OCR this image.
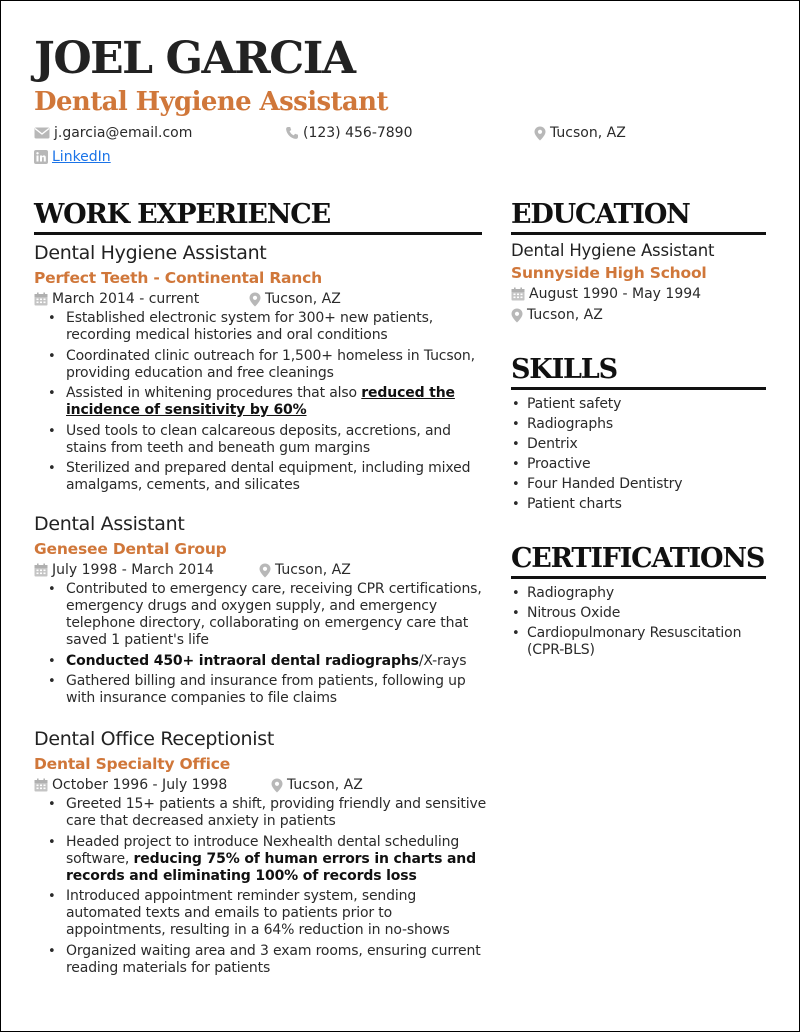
JOEL GARCIA
Dental Hygiene Assistant
j.garcia@email.com	(123) 456-7890	Tucson, AZ
LinkedIn
WORK EXPERIENCE
Dental Hygiene Assistant
Perfect Teeth - Continental Ranch
March 2014 - current	Tucson, AZ
• Established electronic system for 300+ new patients, recording medical histories and oral conditions
• Coordinated clinic outreach for 1,500+ homeless in Tucson, providing education and free cleanings
• Assisted in whitening procedures that also reduced the incidence of sensitivity by 60%
• Used tools to clean calcareous deposits, accretions, and stains from teeth and beneath gum margins
• Sterilized and prepared dental equipment, including mixed amalgams, cements, and silicates
Dental Assistant
Genesee Dental Group
July 1998 - March 2014	Tucson, AZ
• Contributed to emergency care, receiving CPR certifications, emergency drugs and oxygen supply, and emergency telephone directory, collaborating on emergency care that saved 1 patient's life
• Conducted 450+ intraoral dental radiographs/X-rays
• Gathered billing and insurance from patients, following up with insurance companies to file claims
Dental Office Receptionist
Dental Specialty Office
October 1996 - July 1998	Tucson, AZ
• Greeted 15+ patients a shift, providing friendly and sensitive care that decreased anxiety in patients
• Headed project to introduce Nexhealth dental scheduling software, reducing 75% of human errors in charts and records and eliminating 100% of records loss
• Introduced appointment reminder system, sending automated texts and emails to patients prior to appointments, resulting in a 64% reduction in no-shows
• Organized waiting area and 3 exam rooms, ensuring current reading materials for patients
EDUCATION
Dental Hygiene Assistant
Sunnyside High School
August 1990 - May 1994
Tucson, AZ
SKILLS
• Patient safety
• Radiographs
• Dentrix
• Proactive
• Four Handed Dentistry
• Patient charts
CERTIFICATIONS
• Radiography
• Nitrous Oxide
• Cardiopulmonary Resuscitation (CPR-BLS)
